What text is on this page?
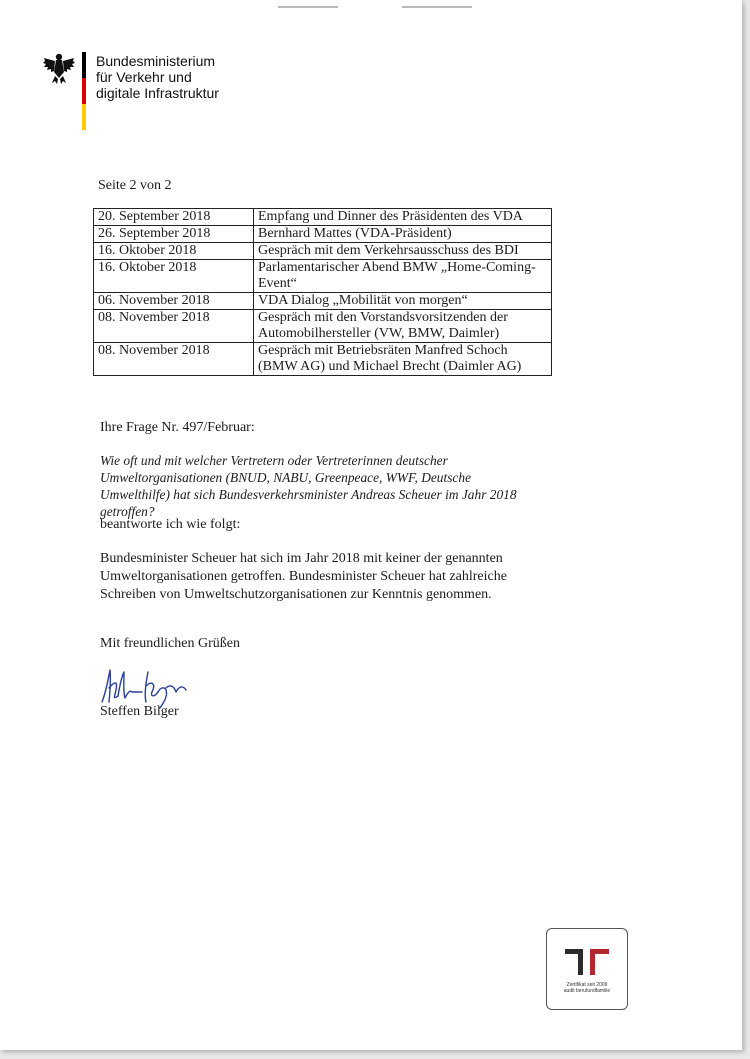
Bundesministerium
für Verkehr und
digitale Infrastruktur
Seite 2 von 2
20. September 2018	Empfang und Dinner des Präsidenten des VDA
26. September 2018	Bernhard Mattes (VDA-Präsident)
16. Oktober 2018	Gespräch mit dem Verkehrsausschuss des BDI
16. Oktober 2018	Parlamentarischer Abend BMW „Home-Coming-Event“
06. November 2018	VDA Dialog „Mobilität von morgen“
08. November 2018	Gespräch mit den Vorstandsvorsitzenden der Automobilhersteller (VW, BMW, Daimler)
08. November 2018	Gespräch mit Betriebsräten Manfred Schoch (BMW AG) und Michael Brecht (Daimler AG)
Ihre Frage Nr. 497/Februar:
Wie oft und mit welcher Vertretern oder Vertreterinnen deutscher Umweltorganisationen (BNUD, NABU, Greenpeace, WWF, Deutsche Umwelthilfe) hat sich Bundesverkehrsminister Andreas Scheuer im Jahr 2018 getroffen?
beantworte ich wie folgt:
Bundesminister Scheuer hat sich im Jahr 2018 mit keiner der genannten Umweltorganisationen getroffen. Bundesminister Scheuer hat zahlreiche Schreiben von Umweltschutzorganisationen zur Kenntnis genommen.
Mit freundlichen Grüßen
Steffen Bilger
Zertifikat seit 2009
audit berufundfamilie
